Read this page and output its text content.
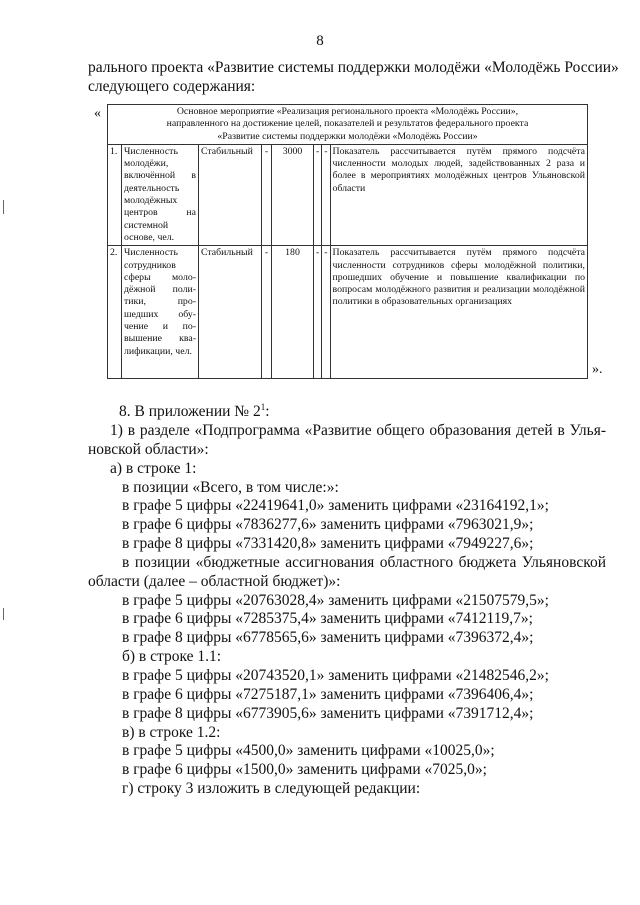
8
рального проекта «Развитие системы поддержки молодёжи «Молодёжь России»
следующего содержания:
«
».
Основное мероприятие «Реализация регионального проекта «Молодёжь России»,
направленного на достижение целей, показателей и результатов федерального проекта
«Развитие системы поддержки молодёжи «Молодёжь России»							

1.	Численность молодёжи, включённой в деятельность молодёжных центров на системной основе, чел.	Стабильный	-	3000	-	-	Показатель рассчитывается путём прямого подсчёта численности молодых людей, задействованных 2 раза и более в мероприятиях молодёжных центров Ульяновской области
2.	Численность сотрудников сферы моло-дёжной поли-тики, про-шедших обу-чение и по-вышение ква-лификации, чел.	Стабильный	-	180	-	-	Показатель рассчитывается путём прямого подсчёта численности сотрудников сферы молодёжной политики, прошедших обучение и повышение квалификации по вопросам молодёжного развития и реализации молодёжной политики в образовательных организациях

8. В приложении № $2^1$:

1) в разделе «Подпрограмма «Развитие общего образования детей в Улья-

новской области»:

а) в строке 1:

в позиции «Всего, в том числе:»:

в графе 5 цифры «22419641,0» заменить цифрами «23164192,1»;

в графе 6 цифры «7836277,6» заменить цифрами «7963021,9»;

в графе 8 цифры «7331420,8» заменить цифрами «7949227,6»;

в позиции «бюджетные ассигнования областного бюджета Ульяновской

области (далее – областной бюджет)»:

в графе 5 цифры «20763028,4» заменить цифрами «21507579,5»;

в графе 6 цифры «7285375,4» заменить цифрами «7412119,7»;

в графе 8 цифры «6778565,6» заменить цифрами «7396372,4»;

б) в строке 1.1:

в графе 5 цифры «20743520,1» заменить цифрами «21482546,2»;

в графе 6 цифры «7275187,1» заменить цифрами «7396406,4»;

в графе 8 цифры «6773905,6» заменить цифрами «7391712,4»;

в) в строке 1.2:

в графе 5 цифры «4500,0» заменить цифрами «10025,0»;

в графе 6 цифры «1500,0» заменить цифрами «7025,0»;

г) строку 3 изложить в следующей редакции:
